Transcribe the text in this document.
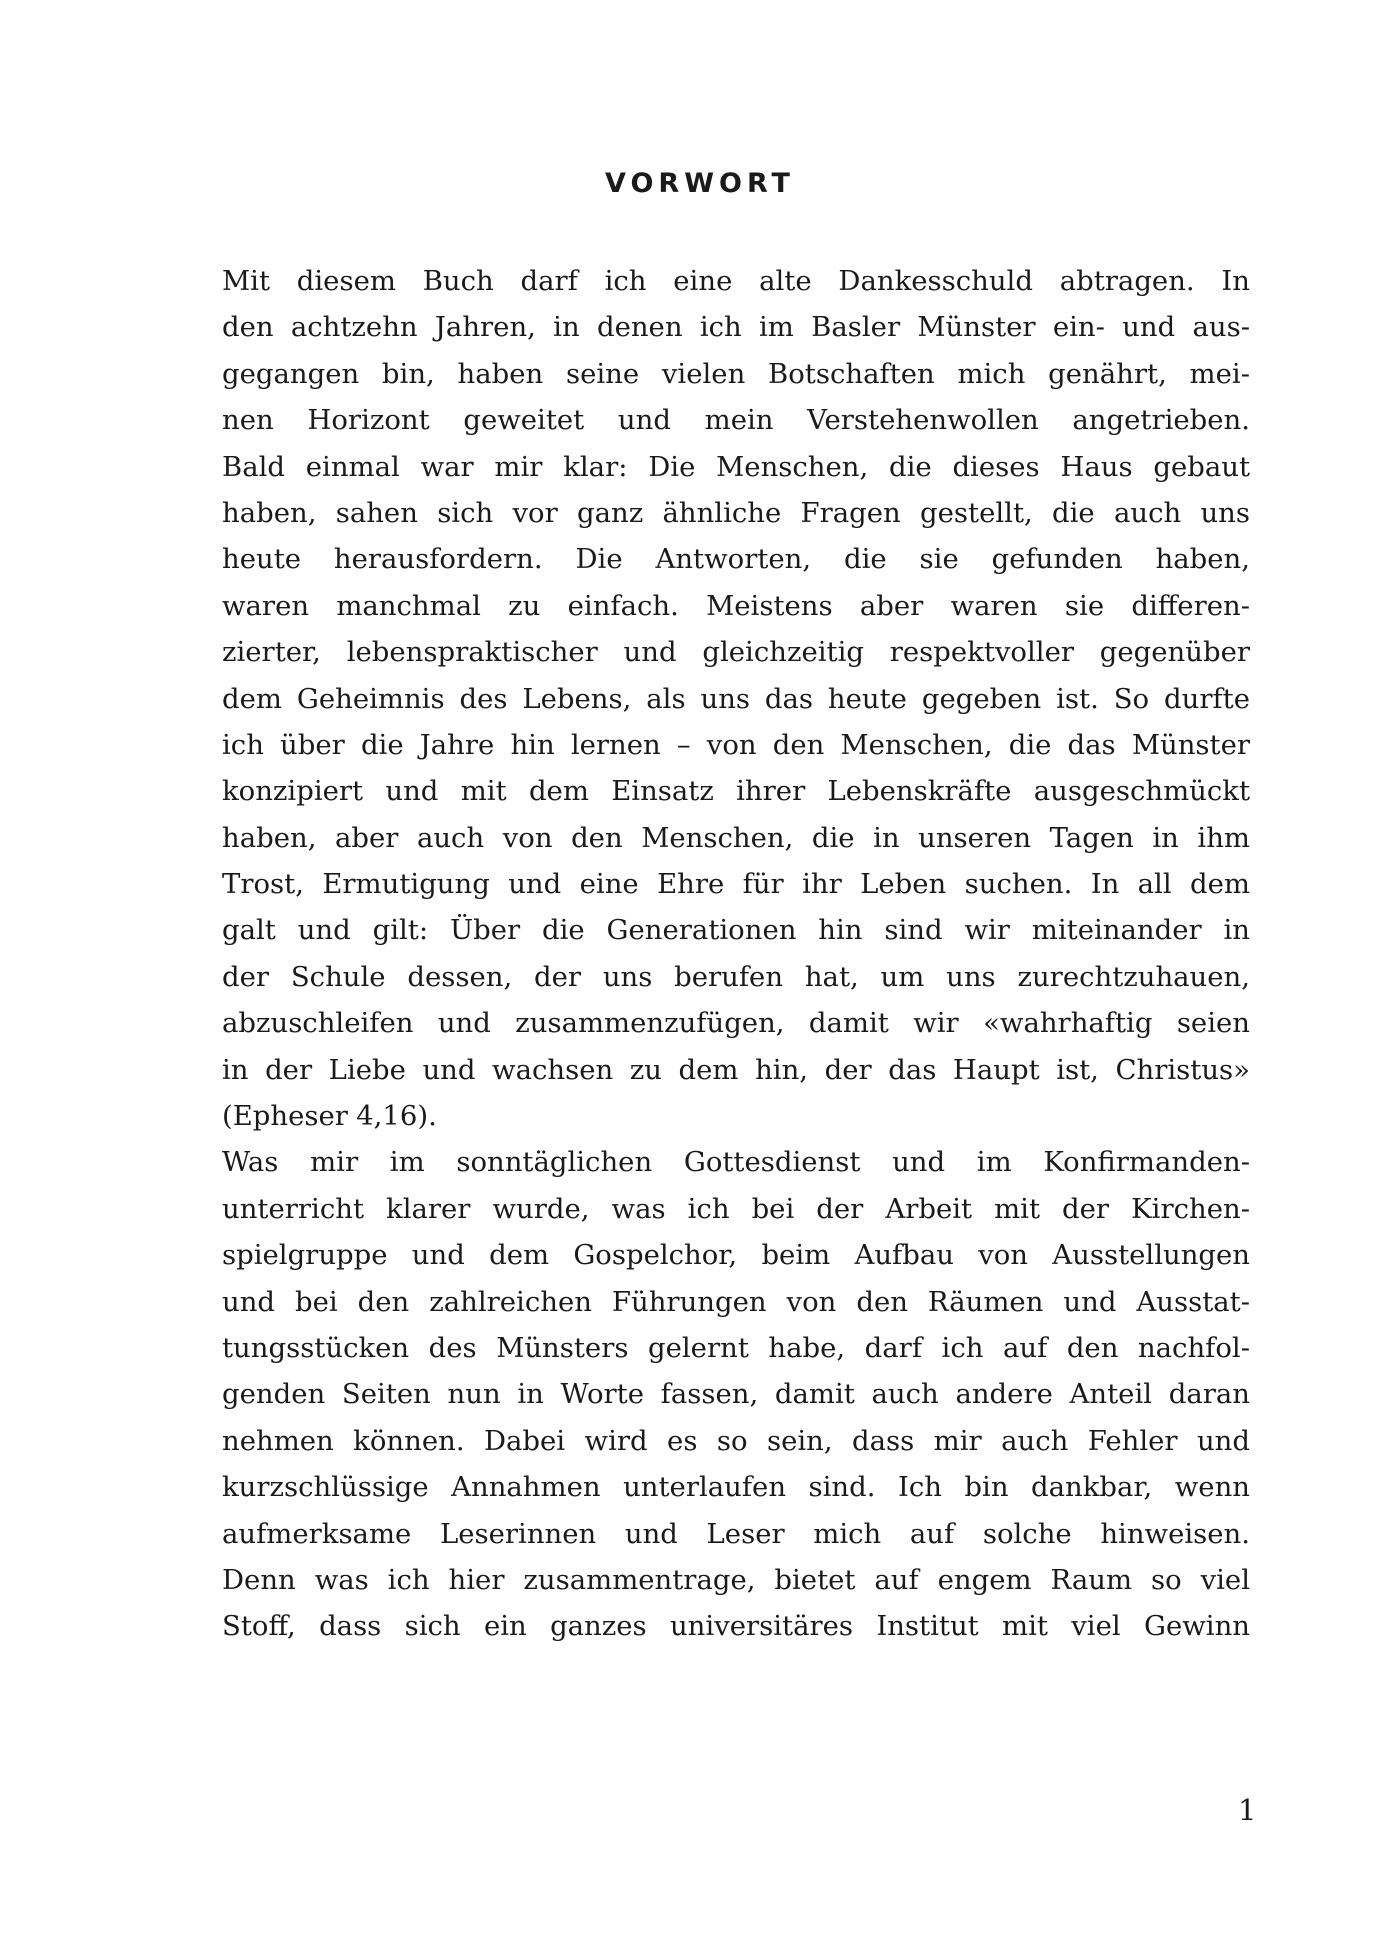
VORWORT

Mit diesem Buch darf ich eine alte Dankesschuld abtragen. In
den achtzehn Jahren, in denen ich im Basler Münster ein- und aus-
gegangen bin, haben seine vielen Botschaften mich genährt, mei-
nen Horizont geweitet und mein Verstehenwollen angetrieben.
Bald einmal war mir klar: Die Menschen, die dieses Haus gebaut
haben, sahen sich vor ganz ähnliche Fragen gestellt, die auch uns
heute herausfordern. Die Antworten, die sie gefunden haben,
waren manchmal zu einfach. Meistens aber waren sie differen-
zierter, lebenspraktischer und gleichzeitig respektvoller gegenüber
dem Geheimnis des Lebens, als uns das heute gegeben ist. So durfte
ich über die Jahre hin lernen – von den Menschen, die das Münster
konzipiert und mit dem Einsatz ihrer Lebenskräfte ausgeschmückt
haben, aber auch von den Menschen, die in unseren Tagen in ihm
Trost, Ermutigung und eine Ehre für ihr Leben suchen. In all dem
galt und gilt: Über die Generationen hin sind wir miteinander in
der Schule dessen, der uns berufen hat, um uns zurechtzuhauen,
abzuschleifen und zusammenzufügen, damit wir «wahrhaftig seien
in der Liebe und wachsen zu dem hin, der das Haupt ist, Christus»
(Epheser 4,16).

Was mir im sonntäglichen Gottesdienst und im Konfirmanden-
unterricht klarer wurde, was ich bei der Arbeit mit der Kirchen-
spielgruppe und dem Gospelchor, beim Aufbau von Ausstellungen
und bei den zahlreichen Führungen von den Räumen und Ausstat-
tungsstücken des Münsters gelernt habe, darf ich auf den nachfol-
genden Seiten nun in Worte fassen, damit auch andere Anteil daran
nehmen können. Dabei wird es so sein, dass mir auch Fehler und
kurzschlüssige Annahmen unterlaufen sind. Ich bin dankbar, wenn
aufmerksame Leserinnen und Leser mich auf solche hinweisen.
Denn was ich hier zusammentrage, bietet auf engem Raum so viel
Stoff, dass sich ein ganzes universitäres Institut mit viel Gewinn

1
